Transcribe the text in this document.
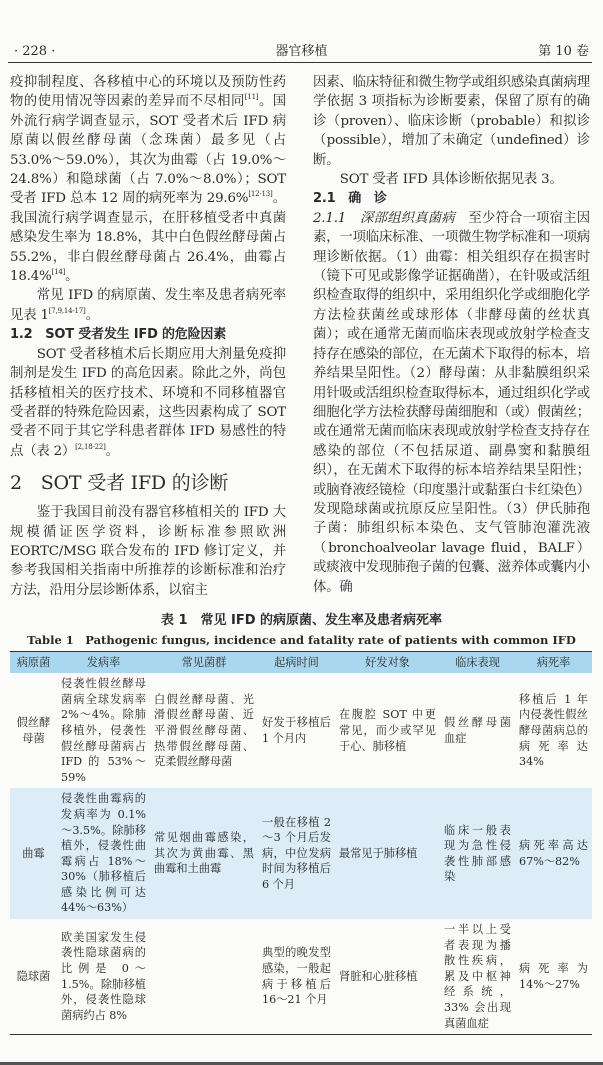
· 228 ·	器官移植	第 10 卷

疫抑制程度、各移植中心的环境以及预防性药物的使用情况等因素的差异而不尽相同[11]。国外流行病学调查显示，SOT 受者术后 IFD 病原菌以假丝酵母菌（念珠菌）最多见（占 53.0%～59.0%），其次为曲霉（占 19.0%～24.8%）和隐球菌（占 7.0%～8.0%）；SOT 受者 IFD 总本 12 周的病死率为 29.6%[12-13]。我国流行病学调查显示，在肝移植受者中真菌感染发生率为 18.8%，其中白色假丝酵母菌占 55.2%，非白假丝酵母菌占 26.4%，曲霉占 18.4%[14]。

常见 IFD 的病原菌、发生率及患者病死率见表 1[7,9,14-17]。

1.2　SOT 受者发生 IFD 的危险因素

SOT 受者移植术后长期应用大剂量免疫抑制剂是发生 IFD 的高危因素。除此之外，尚包括移植相关的医疗技术、环境和不同移植器官受者群的特殊危险因素，这些因素构成了 SOT 受者不同于其它学科患者群体 IFD 易感性的特点（表 2）[2,18-22]。

2　SOT 受者 IFD 的诊断

鉴于我国目前没有器官移植相关的 IFD 大规模循证医学资料，诊断标准参照欧洲 EORTC/MSG 联合发布的 IFD 修订定义，并参考我国相关指南中所推荐的诊断标准和治疗方法，沿用分层诊断体系，以宿主

因素、临床特征和微生物学或组织感染真菌病理学依据 3 项指标为诊断要素，保留了原有的确诊（proven）、临床诊断（probable）和拟诊（possible），增加了未确定（undefined）诊断。

SOT 受者 IFD 具体诊断依据见表 3。

2.1　确　诊

2.1.1　深部组织真菌病　至少符合一项宿主因素，一项临床标准、一项微生物学标准和一项病理诊断依据。（1）曲霉：相关组织存在损害时（镜下可见或影像学证据确凿），在针吸或活组织检查取得的组织中，采用组织化学或细胞化学方法检获菌丝或球形体（非酵母菌的丝状真菌）；或在通常无菌而临床表现或放射学检查支持存在感染的部位，在无菌术下取得的标本，培养结果呈阳性。（2）酵母菌：从非黏膜组织采用针吸或活组织检查取得标本，通过组织化学或细胞化学方法检获酵母菌细胞和（或）假菌丝；或在通常无菌而临床表现或放射学检查支持存在感染的部位（不包括尿道、副鼻窦和黏膜组织），在无菌术下取得的标本培养结果呈阳性；或脑脊液经镜检（印度墨汁或黏蛋白卡红染色）发现隐球菌或抗原反应呈阳性。（3）伊氏肺孢子菌：肺组织标本染色、支气管肺泡灌洗液（bronchoalveolar lavage fluid，BALF）或痰液中发现肺孢子菌的包囊、滋养体或囊内小体。确

表 1　常见 IFD 的病原菌、发生率及患者病死率
Table 1　Pathogenic fungus, incidence and fatality rate of patients with common IFD
病原菌	发病率	常见菌群	起病时间	好发对象	临床表现	病死率
假丝酵母菌	侵袭性假丝酵母菌病全球发病率 2%～4%。除肺移植外，侵袭性假丝酵母菌病占 IFD 的 53%～59%	白假丝酵母菌、光滑假丝酵母菌、近平滑假丝酵母菌、热带假丝酵母菌、克柔假丝酵母菌	好发于移植后 1 个月内	在腹腔 SOT 中更常见，而少或罕见于心、肺移植	假丝酵母菌血症	移植后 1 年内侵袭性假丝酵母菌病总的病死率达 34%
曲霉	侵袭性曲霉病的发病率为 0.1%～3.5%。除肺移植外，侵袭性曲霉病占 18%～30%（肺移植后感染比例可达 44%～63%）	常见烟曲霉感染，其次为黄曲霉、黑曲霉和土曲霉	一般在移植 2～3 个月后发病，中位发病时间为移植后 6 个月	最常见于肺移植	临床一般表现为急性侵袭性肺部感染	病死率高达 67%～82%
隐球菌	欧美国家发生侵袭性隐球菌病的比例是 0～1.5%。除肺移植外，侵袭性隐球菌病约占 8%		典型的晚发型感染，一般起病于移植后 16～21 个月	肾脏和心脏移植	一半以上受者表现为播散性疾病，累及中枢神经系统，33% 会出现真菌血症	病死率为 14%～27%
